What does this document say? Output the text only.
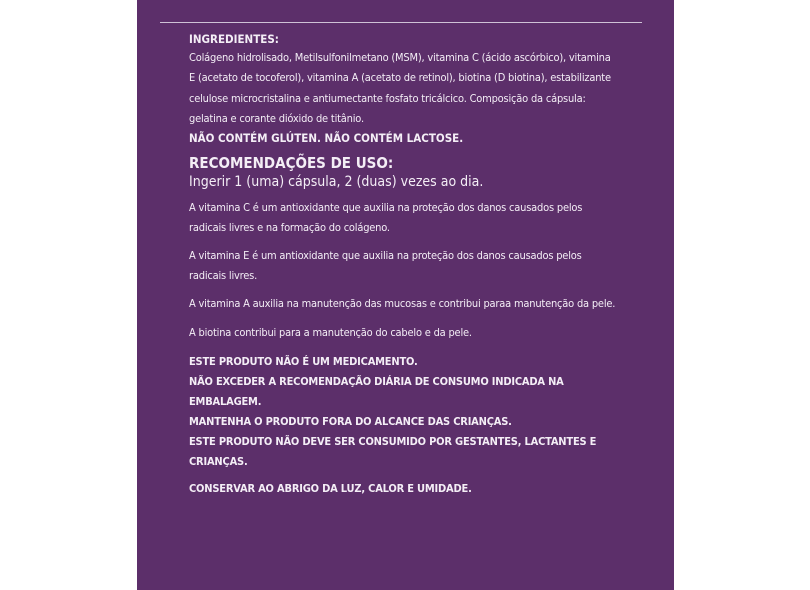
INGREDIENTES:

Colágeno hidrolisado, Metilsulfonilmetano (MSM), vitamina C (ácido ascórbico), vitamina E (acetato de tocoferol), vitamina A (acetato de retinol), biotina (D biotina), estabilizante celulose microcristalina e antiumectante fosfato tricálcico. Composição da cápsula: gelatina e corante dióxido de titânio.

NÃO CONTÉM GLÚTEN. NÃO CONTÉM LACTOSE.

RECOMENDAÇÕES DE USO:

Ingerir 1 (uma) cápsula, 2 (duas) vezes ao dia.

A vitamina C é um antioxidante que auxilia na proteção dos danos causados pelos radicais livres e na formação do colágeno.

A vitamina E é um antioxidante que auxilia na proteção dos danos causados pelos radicais livres.

A vitamina A auxilia na manutenção das mucosas e contribui paraa manutenção da pele.

A biotina contribui para a manutenção do cabelo e da pele.

ESTE PRODUTO NÃO É UM MEDICAMENTO.

NÃO EXCEDER A RECOMENDAÇÃO DIÁRIA DE CONSUMO INDICADA NA EMBALAGEM.

MANTENHA O PRODUTO FORA DO ALCANCE DAS CRIANÇAS.

ESTE PRODUTO NÃO DEVE SER CONSUMIDO POR GESTANTES, LACTANTES E CRIANÇAS.

CONSERVAR AO ABRIGO DA LUZ, CALOR E UMIDADE.
